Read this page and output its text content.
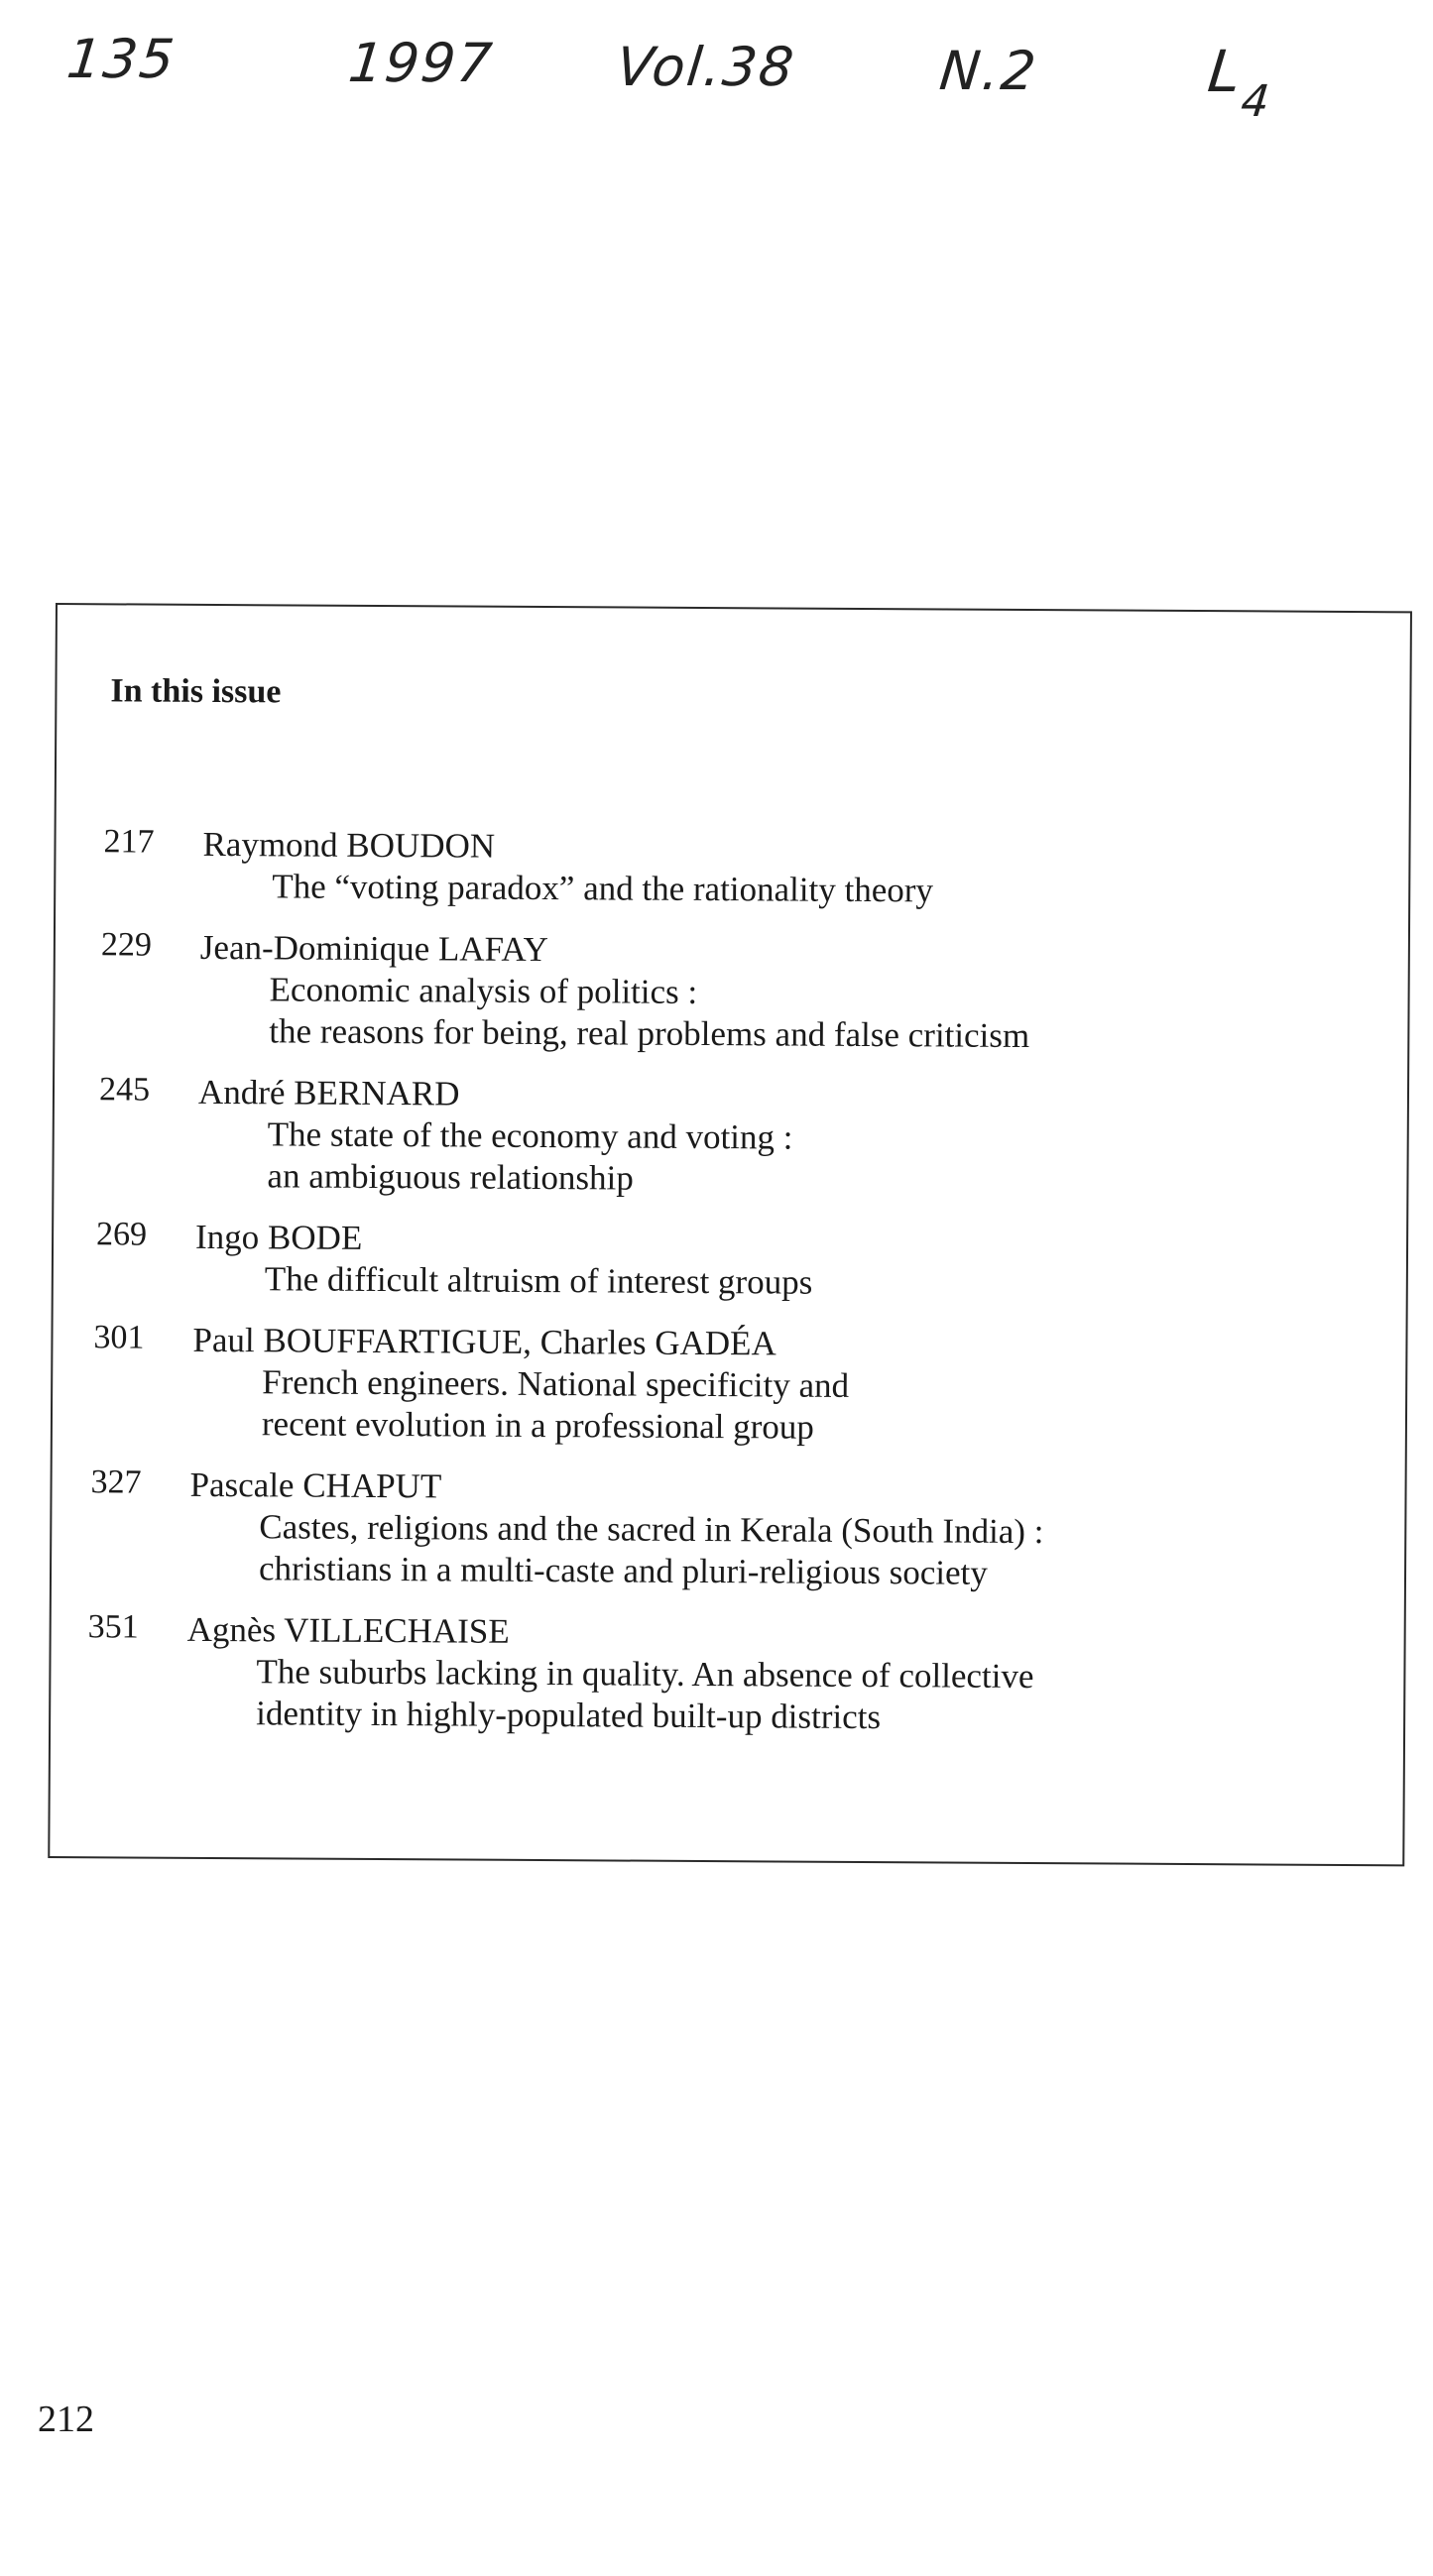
135	1997 Vol.38	N.2	$L_4$
In this issue
217	Raymond BOUDON
The “voting paradox” and the rationality theory
229	Jean-Dominique LAFAY
Economic analysis of politics :
the reasons for being, real problems and false criticism
245	André BERNARD
The state of the economy and voting :
an ambiguous relationship
269	Ingo BODE
The difficult altruism of interest groups
301	Paul BOUFFARTIGUE, Charles GADÉA
French engineers. National specificity and
recent evolution in a professional group
327	Pascale CHAPUT
Castes, religions and the sacred in Kerala (South India) :
christians in a multi-caste and pluri-religious society
351	Agnès VILLECHAISE
The suburbs lacking in quality. An absence of collective
identity in highly-populated built-up districts
212
